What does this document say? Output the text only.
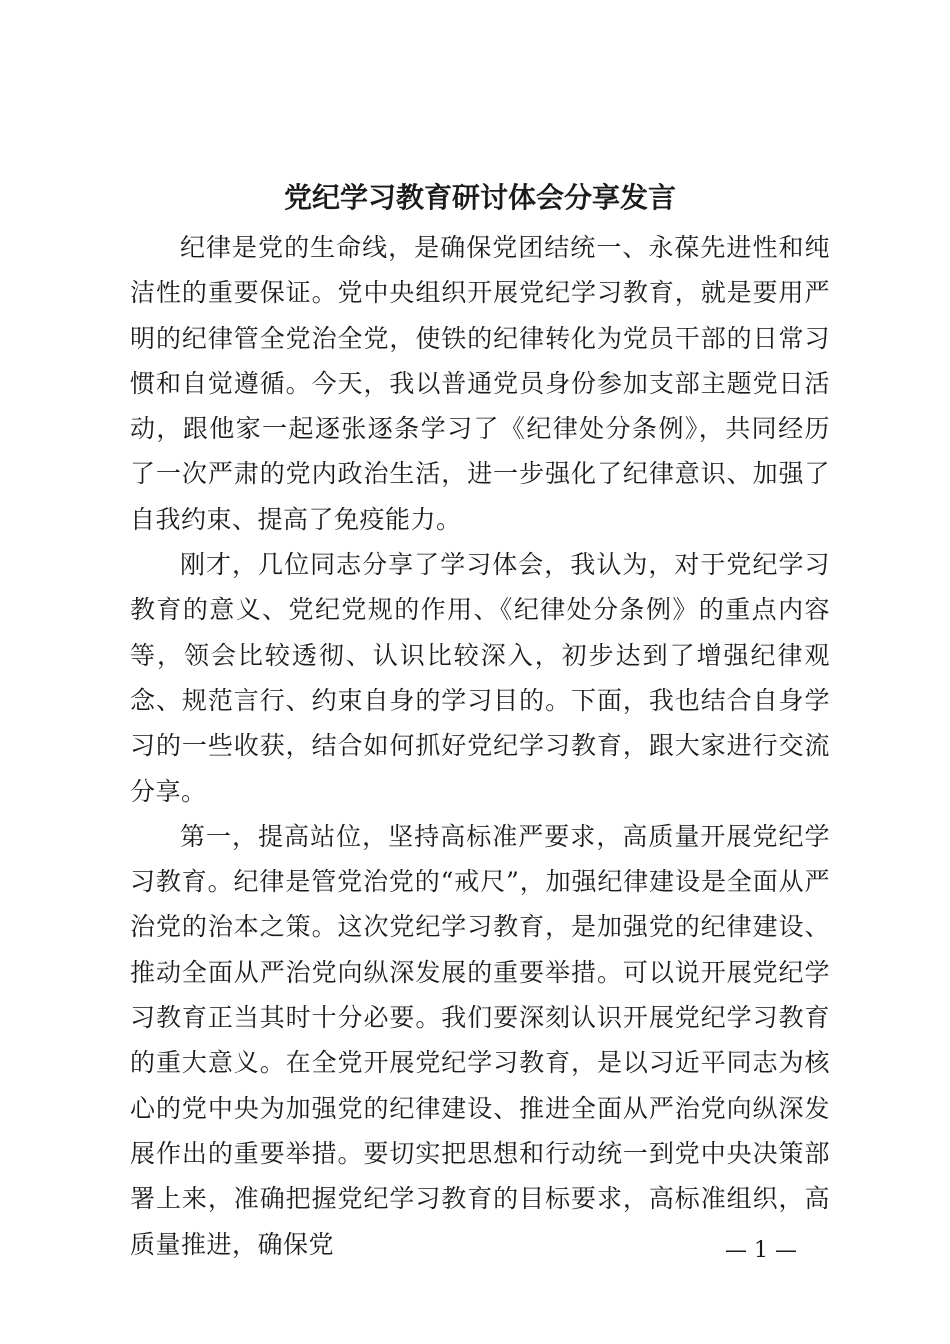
党纪学习教育研讨体会分享发言

纪律是党的生命线，是确保党团结统一、永葆先进性和纯洁性的重要保证。党中央组织开展党纪学习教育，就是要用严明的纪律管全党治全党，使铁的纪律转化为党员干部的日常习惯和自觉遵循。今天，我以普通党员身份参加支部主题党日活动，跟他家一起逐张逐条学习了《纪律处分条例》，共同经历了一次严肃的党内政治生活，进一步强化了纪律意识、加强了自我约束、提高了免疫能力。

刚才，几位同志分享了学习体会，我认为，对于党纪学习教育的意义、党纪党规的作用、《纪律处分条例》的重点内容等，领会比较透彻、认识比较深入，初步达到了增强纪律观念、规范言行、约束自身的学习目的。下面，我也结合自身学习的一些收获，结合如何抓好党纪学习教育，跟大家进行交流分享。

第一，提高站位，坚持高标准严要求，高质量开展党纪学习教育。纪律是管党治党的“戒尺”，加强纪律建设是全面从严治党的治本之策。这次党纪学习教育，是加强党的纪律建设、推动全面从严治党向纵深发展的重要举措。可以说开展党纪学习教育正当其时十分必要。我们要深刻认识开展党纪学习教育的重大意义。在全党开展党纪学习教育，是以习近平同志为核心的党中央为加强党的纪律建设、推进全面从严治党向纵深发展作出的重要举措。要切实把思想和行动统一到党中央决策部署上来，准确把握党纪学习教育的目标要求，高标准组织，高质量推进，确保党	— 1 —
